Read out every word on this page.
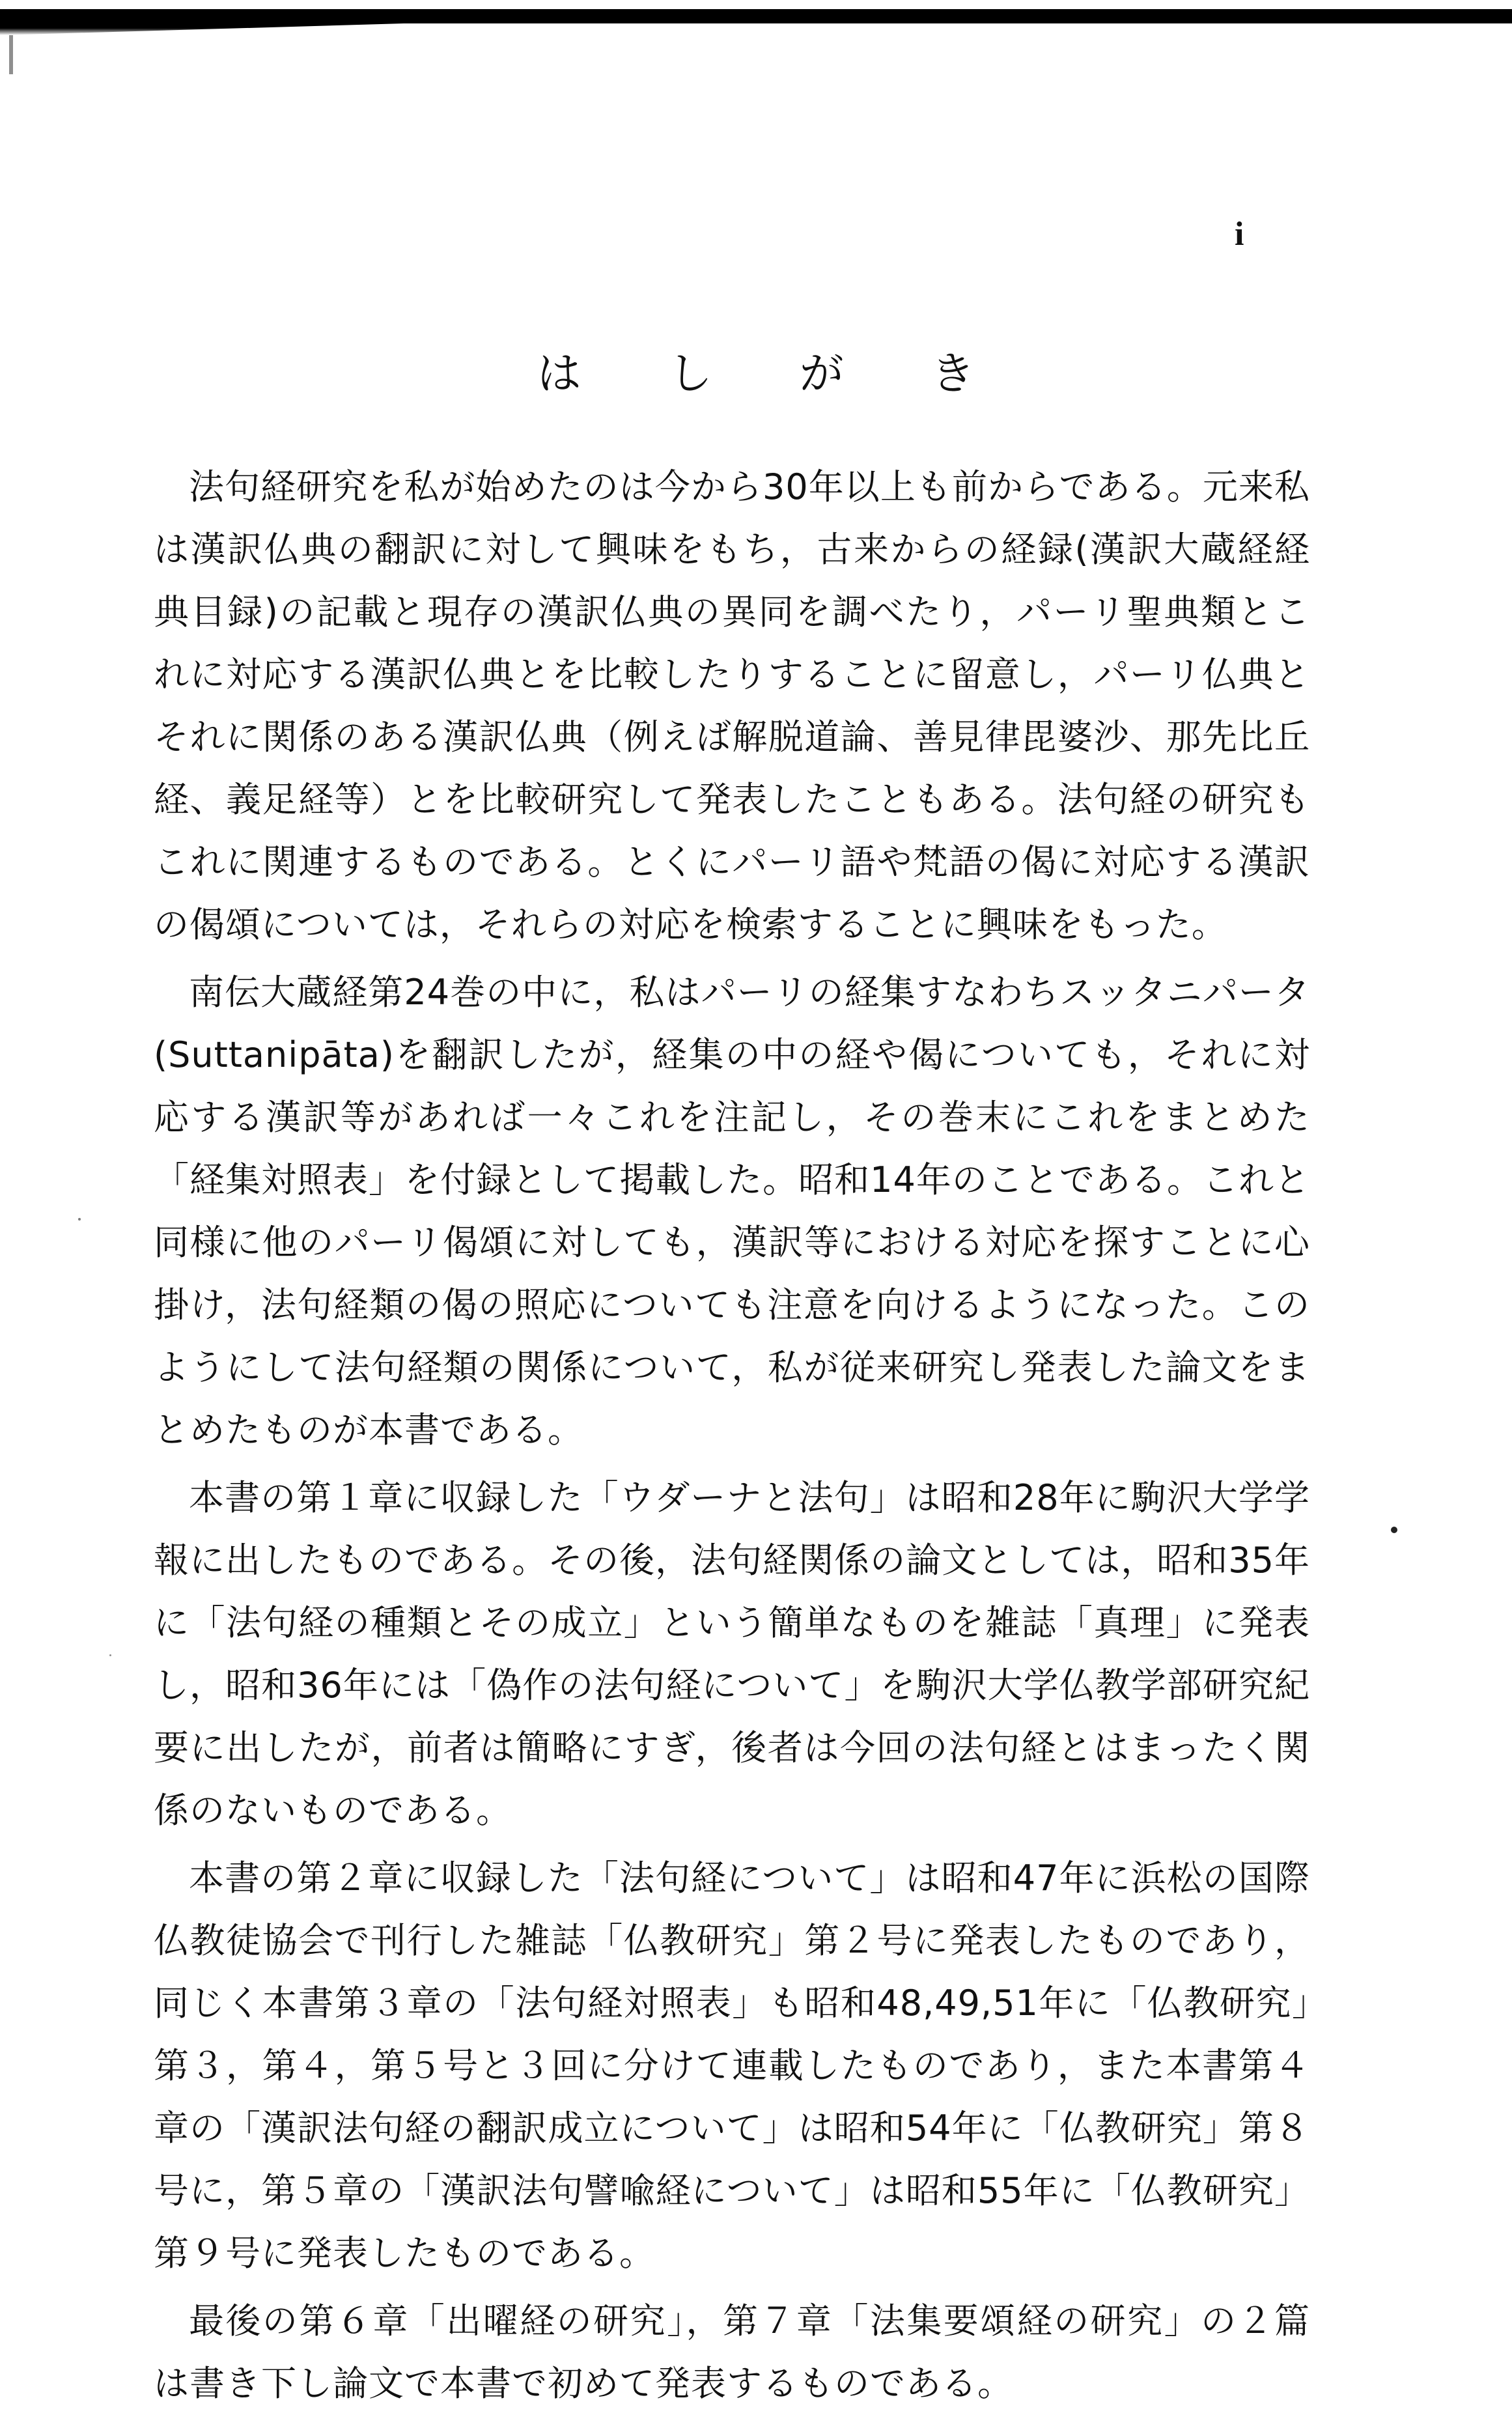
i
は し が き

法句経研究を私が始めたのは今から30年以上も前からである。元来私は漢訳仏典の翻訳に対して興味をもち，古来からの経録(漢訳大蔵経経典目録)の記載と現存の漢訳仏典の異同を調べたり，パーリ聖典類とこれに対応する漢訳仏典とを比較したりすることに留意し，パーリ仏典とそれに関係のある漢訳仏典（例えば解脱道論、善見律毘婆沙、那先比丘経、義足経等）とを比較研究して発表したこともある。法句経の研究もこれに関連するものである。とくにパーリ語や梵語の偈に対応する漢訳の偈頌については，それらの対応を検索することに興味をもった。

南伝大蔵経第24巻の中に，私はパーリの経集すなわちスッタニパータ(Suttanipāta)を翻訳したが，経集の中の経や偈についても，それに対応する漢訳等があれば一々これを注記し，その巻末にこれをまとめた「経集対照表」を付録として掲載した。昭和14年のことである。これと同様に他のパーリ偈頌に対しても，漢訳等における対応を探すことに心掛け，法句経類の偈の照応についても注意を向けるようになった。このようにして法句経類の関係について，私が従来研究し発表した論文をまとめたものが本書である。

本書の第１章に収録した「ウダーナと法句」は昭和28年に駒沢大学学報に出したものである。その後，法句経関係の論文としては，昭和35年に「法句経の種類とその成立」という簡単なものを雑誌「真理」に発表し，昭和36年には「偽作の法句経について」を駒沢大学仏教学部研究紀要に出したが，前者は簡略にすぎ，後者は今回の法句経とはまったく関係のないものである。

本書の第２章に収録した「法句経について」は昭和47年に浜松の国際仏教徒協会で刊行した雑誌「仏教研究」第２号に発表したものであり，同じく本書第３章の「法句経対照表」も昭和48,49,51年に「仏教研究」第３，第４，第５号と３回に分けて連載したものであり，また本書第４章の「漢訳法句経の翻訳成立について」は昭和54年に「仏教研究」第８号に，第５章の「漢訳法句譬喩経について」は昭和55年に「仏教研究」第９号に発表したものである。

最後の第６章「出曜経の研究」，第７章「法集要頌経の研究」の２篇は書き下し論文で本書で初めて発表するものである。
